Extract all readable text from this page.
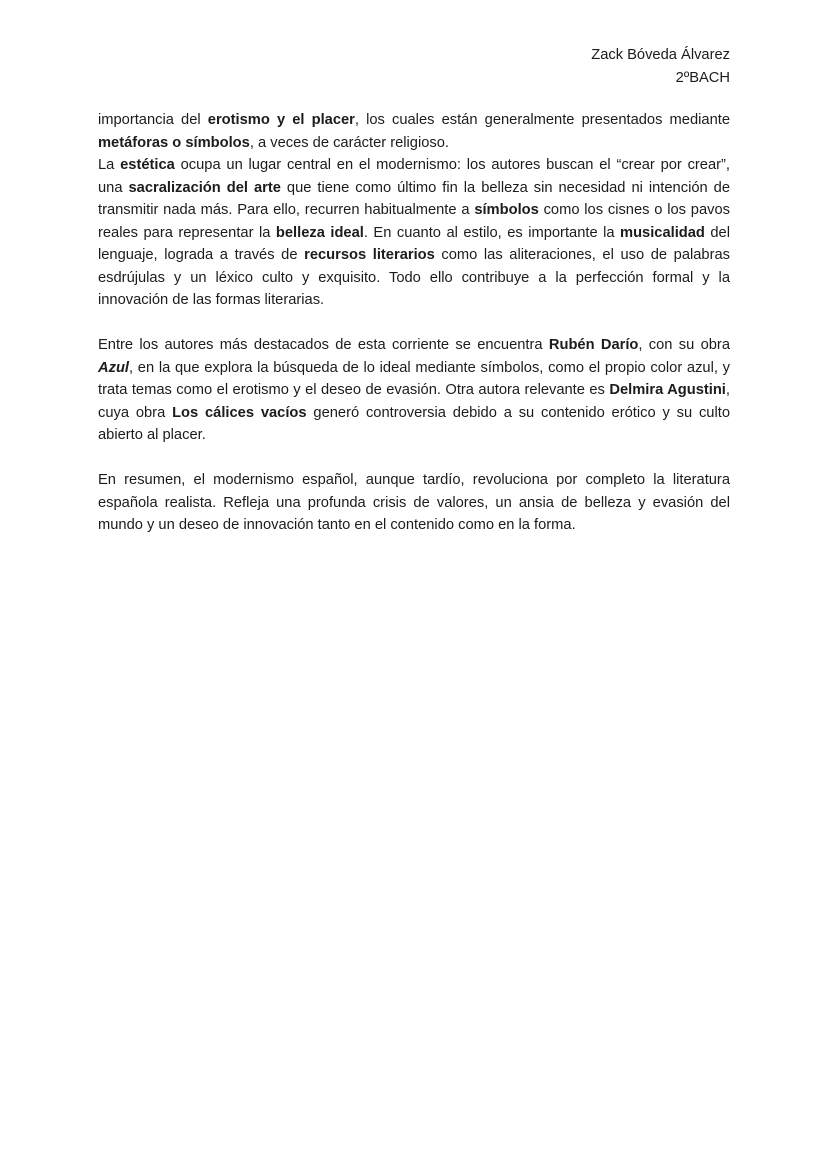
Zack Bóveda Álvarez
2ºBACH

importancia del erotismo y el placer, los cuales están generalmente presentados mediante metáforas o símbolos, a veces de carácter religioso.

La estética ocupa un lugar central en el modernismo: los autores buscan el “crear por crear”, una sacralización del arte que tiene como último fin la belleza sin necesidad ni intención de transmitir nada más. Para ello, recurren habitualmente a símbolos como los cisnes o los pavos reales para representar la belleza ideal. En cuanto al estilo, es importante la musicalidad del lenguaje, lograda a través de recursos literarios como las aliteraciones, el uso de palabras esdrújulas y un léxico culto y exquisito. Todo ello contribuye a la perfección formal y la innovación de las formas literarias.

Entre los autores más destacados de esta corriente se encuentra Rubén Darío, con su obra Azul, en la que explora la búsqueda de lo ideal mediante símbolos, como el propio color azul, y trata temas como el erotismo y el deseo de evasión. Otra autora relevante es Delmira Agustini, cuya obra Los cálices vacíos generó controversia debido a su contenido erótico y su culto abierto al placer.

En resumen, el modernismo español, aunque tardío, revoluciona por completo la literatura española realista. Refleja una profunda crisis de valores, un ansia de belleza y evasión del mundo y un deseo de innovación tanto en el contenido como en la forma.
